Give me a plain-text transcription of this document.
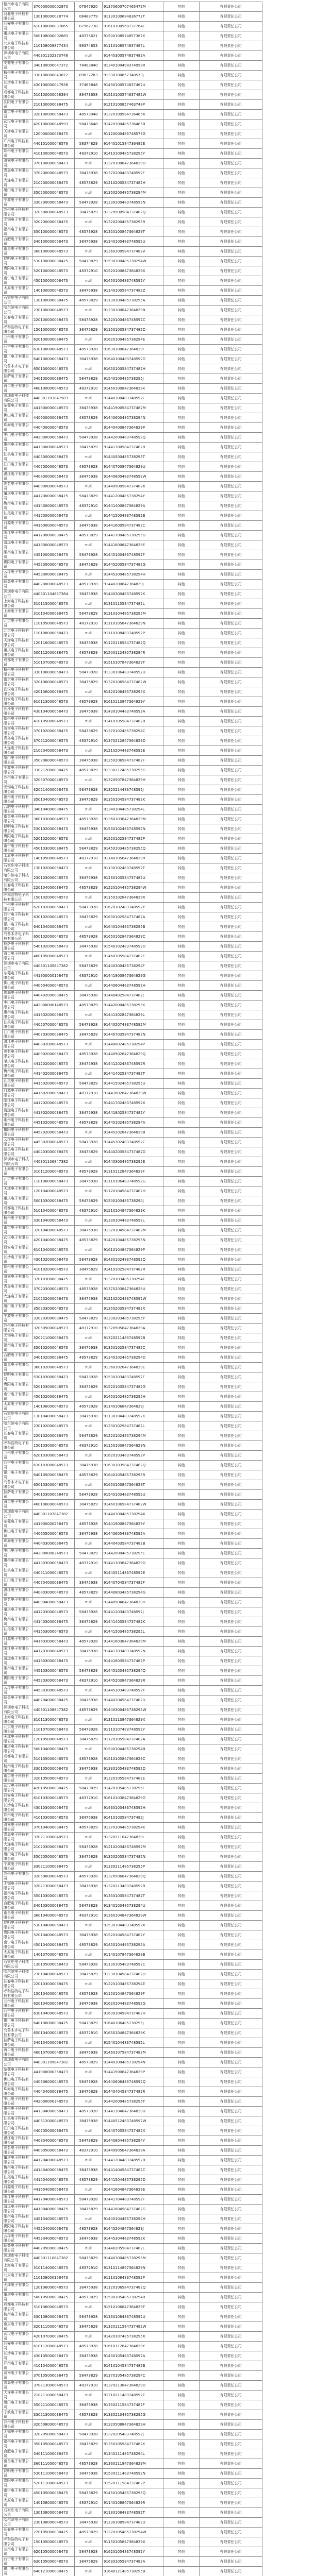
德州市电子有限公司	370600000002870	07847920	91370600707465472M	其他	有限责任公司
河北电子科技有限公司	130100000028774	08483779	91130100684836772T	其他	有限责任公司
西安电子有限公司	610100000037865	07962738	91610100568737764C	其他	有限责任公司
重庆电子有限公司	500108000002883	48375621	91500108574857387K	其他	有限责任公司
北京电子科技有限公司	110108009877434	98374853	91110108574837487L	其他	有限责任公司
深圳市电子有限公司	440301102373748	null	91440300574837482A	其他	有限责任公司
安徽电子有限公司	340100000047372	78493840	91340100498374958R	其他	有限责任公司
杭州电子有限公司	330100000043872	09837283	91330100857348573J	其他	有限责任公司
长沙电子有限公司	430100000047938	37463848	91430100574837462U	其他	有限责任公司
成都电子科技有限公司	510100000058394	89473658	91510100574637482W	其他	有限责任公司
沈阳电子有限公司	210100000038475	null	91210100857463748P	其他	有限责任公司
南京电子有限公司	320100000058473	48573948	91320100584736485X	其他	有限责任公司
武汉电子有限公司	420100000048593	58473648	91420100485736485B	其他	有限责任公司
天津电子有限公司	120000000038475	null	91120000483748573G	其他	有限责任公司
广州电子科技有限公司	440101000048576	58374829	91440101584736482E	其他	有限责任公司
郑州电子有限公司	410100000048573	48372910	91410100485738295Y	其他	有限责任公司
济南电子有限公司	370100000058473	null	91370100847364829D	其他	有限责任公司
青岛电子有限公司	370200000048573	38475938	91370200483748592F	其他	有限责任公司
大连电子有限公司	210200000038475	48573829	91210200584737482H	其他	有限责任公司
厦门电子有限公司	350200000048573	null	91350200485738294M	其他	有限责任公司
宁波电子有限公司	330200000058473	58473928	91330200483748592N	其他	有限责任公司
苏州电子科技有限公司	320500000048573	38475829	91320500584737482Q	其他	有限责任公司
无锡电子有限公司	320200000038475	null	91320200485738295R	其他	有限责任公司
福州电子有限公司	350100000048573	48573928	91350100847364829T	其他	有限责任公司
合肥电子有限公司	340100000058473	38475938	91340100483748592U	其他	有限责任公司
南昌电子有限公司	360100000048573	null	91360100584737482V	其他	有限责任公司
昆明电子有限公司	530100000038475	58473829	91530100485738294W	其他	有限责任公司
贵阳电子有限公司	520100000048573	48372910	91520100847364829X	其他	有限责任公司
南宁电子有限公司	450100000058473	null	91450100483748592Y	其他	有限责任公司
太原电子有限公司	140100000048573	38475938	91140100584737482Z	其他	有限责任公司
石家庄电子有限公司	130100000038475	48573829	91130100485738295A	其他	有限责任公司
哈尔滨电子有限公司	230100000048573	null	91230100847364829B	其他	有限责任公司
长春电子有限公司	220100000058473	58473928	91220100483748592C	其他	有限责任公司
呼和浩特电子有限公司	150100000048573	38475829	91150100584737482D	其他	有限责任公司
兰州电子有限公司	620100000038475	null	91620100485738294E	其他	有限责任公司
西宁电子有限公司	630100000048573	48573928	91630100847364829F	其他	有限责任公司
银川电子有限公司	640100000058473	38475938	91640100483748592G	其他	有限责任公司
乌鲁木齐电子有限公司	650100000048573	null	91650100584737482H	其他	有限责任公司
拉萨电子有限公司	540100000038475	58473829	91540100485738295J	其他	有限责任公司
海口电子有限公司	460100000048573	48372910	91460100847364829K	其他	有限责任公司
深圳市电子科技有限公司	440301103847583	null	91440300483748592L	其他	有限责任公司
东莞电子有限公司	441900000048573	38475938	91441900584737482M	其他	有限责任公司
佛山电子有限公司	440600000038475	48573829	91440600485738294N	其他	有限责任公司
珠海电子有限公司	440400000048573	null	91440400847364829P	其他	有限责任公司
中山电子有限公司	442000000058473	58473928	91442000483748592Q	其他	有限责任公司
惠州电子有限公司	441300000048573	38475829	91441300584737482R	其他	有限责任公司
汕头电子有限公司	440500000038475	null	91440500485738295T	其他	有限责任公司
江门电子有限公司	440700000048573	48573928	91440700847364829U	其他	有限责任公司
湛江电子有限公司	440800000058473	38475938	91440800483748592W	其他	有限责任公司
茂名电子有限公司	440900000048573	null	91440900584737482X	其他	有限责任公司
肇庆电子有限公司	441200000038475	58473829	91441200485738294Y	其他	有限责任公司
梅州电子有限公司	441400000048573	48372910	91441400847364829A	其他	有限责任公司
汕尾电子有限公司	441500000058473	null	91441500483748592B	其他	有限责任公司
河源电子有限公司	441600000048573	38475938	91441600584737482C	其他	有限责任公司
阳江电子有限公司	441700000038475	48573829	91441700485738295D	其他	有限责任公司
清远电子有限公司	441800000048573	null	91441800847364829E	其他	有限责任公司
潮州电子有限公司	445100000058473	58473928	91445100483748592F	其他	有限责任公司
揭阳电子有限公司	445200000048573	38475829	91445200584737482G	其他	有限责任公司
云浮电子有限公司	445300000038475	null	91445300485738294H	其他	有限责任公司
韶关电子有限公司	440200000048573	48573928	91440200847364829J	其他	有限责任公司
深圳市电子有限公司	440301104857384	38475938	91440300483748592K	其他	有限责任公司
上海电子科技有限公司	310115000048573	null	91310115584737482L	其他	有限责任公司
上海电子有限公司	310104000038475	58473829	91310104485738295M	其他	有限责任公司
北京电子有限公司	110105000048573	48372910	91110105847364829N	其他	有限责任公司
北京电子科技有限公司	110108000058473	null	91110108483748592P	其他	有限责任公司
天津电子科技有限公司	120116000048573	38475938	91120116584737482Q	其他	有限责任公司
重庆电子科技有限公司	500112000038475	48573829	91500112485738294R	其他	有限责任公司
成都电子有限公司	510107000048573	null	91510107847364829T	其他	有限责任公司
杭州电子科技有限公司	330106000058473	58473928	91330106483748592U	其他	有限责任公司
南京电子科技有限公司	320106000048573	38475829	91320106584737482W	其他	有限责任公司
武汉电子科技有限公司	420106000038475	null	91420106485738295X	其他	有限责任公司
西安电子科技有限公司	610113000048573	48573928	91610113847364829Y	其他	有限责任公司
长沙电子科技有限公司	430104000058473	38475938	91430104483748592A	其他	有限责任公司
郑州电子科技有限公司	410105000048573	null	91410105584737482B	其他	有限责任公司
济南电子科技有限公司	370102000038475	58473829	91370102485738294C	其他	有限责任公司
青岛电子科技有限公司	370212000048573	48372910	91370212847364829D	其他	有限责任公司
大连电子科技有限公司	210204000058473	null	91210204483748592E	其他	有限责任公司
厦门电子科技有限公司	350206000048573	38475938	91350206584737482F	其他	有限责任公司
宁波电子科技有限公司	330212000038475	48573829	91330212485738295G	其他	有限责任公司
苏州电子有限公司	320507000048573	null	91320507847364829H	其他	有限责任公司
无锡电子科技有限公司	320214000058473	58473928	91320214483748592J	其他	有限责任公司
福州电子科技有限公司	350104000048573	38475829	91350104584737482K	其他	有限责任公司
合肥电子科技有限公司	340104000038475	null	91340104485738294L	其他	有限责任公司
南昌电子科技有限公司	360103000048573	48573928	91360103847364829M	其他	有限责任公司
昆明电子科技有限公司	530102000058473	38475938	91530102483748592N	其他	有限责任公司
贵阳电子科技有限公司	520102000048573	null	91520102584737482P	其他	有限责任公司
南宁电子科技有限公司	450103000038475	58473829	91450103485738295Q	其他	有限责任公司
太原电子科技有限公司	140105000048573	48372910	91140105847364829R	其他	有限责任公司
石家庄电子科技有限公司	130102000058473	null	91130102483748592T	其他	有限责任公司
哈尔滨电子科技有限公司	230103000048573	38475938	91230103584737482U	其他	有限责任公司
长春电子科技有限公司	220104000038475	48573829	91220104485738294W	其他	有限责任公司
呼和浩特电子科技有限公司	150102000048573	null	91150102847364829X	其他	有限责任公司
兰州电子科技有限公司	620102000058473	58473928	91620102483748592Y	其他	有限责任公司
西宁电子科技有限公司	630102000048573	38475829	91630102584737482A	其他	有限责任公司
银川电子科技有限公司	640104000038475	null	91640104485738295B	其他	有限责任公司
乌鲁木齐电子科技有限公司	650102000048573	48573928	91650102847364829C	其他	有限责任公司
拉萨电子科技有限公司	540102000058473	38475938	91540102483748592D	其他	有限责任公司
海口电子科技有限公司	460105000048573	null	91460105584737482E	其他	有限责任公司
深圳市电子有限公司	440301105847382	58473829	91440300485738294F	其他	有限责任公司
东莞电子科技有限公司	441900000158473	48372910	91441900847364829G	其他	有限责任公司
佛山电子科技有限公司	440604000048573	null	91440604483748592H	其他	有限责任公司
珠海电子科技有限公司	440402000038475	38475938	91440402584737482J	其他	有限责任公司
中山电子科技有限公司	442000000148573	48573829	91442000485738295K	其他	有限责任公司
惠州电子科技有限公司	441302000058473	null	91441302847364829L	其他	有限责任公司
汕头电子科技有限公司	440507000048573	58473928	91440507483748592M	其他	有限责任公司
江门电子科技有限公司	440703000038475	38475829	91440703584737482N	其他	有限责任公司
湛江电子科技有限公司	440802000048573	null	91440802485738294P	其他	有限责任公司
茂名电子科技有限公司	440902000058473	48573928	91440902847364829Q	其他	有限责任公司
肇庆电子科技有限公司	441202000048573	38475938	91441202483748592R	其他	有限责任公司
梅州电子科技有限公司	441402000038475	null	91441402584737482T	其他	有限责任公司
汕尾电子科技有限公司	441502000048573	58473829	91441502485738295U	其他	有限责任公司
河源电子科技有限公司	441602000058473	48372910	91441602847364829W	其他	有限责任公司
阳江电子科技有限公司	441702000048573	null	91441702483748592X	其他	有限责任公司
清远电子科技有限公司	441802000038475	38475938	91441802584737482Y	其他	有限责任公司
潮州电子科技有限公司	445102000048573	48573829	91445102485738294A	其他	有限责任公司
揭阳电子科技有限公司	445202000058473	null	91445202847364829B	其他	有限责任公司
云浮电子科技有限公司	445302000048573	58473928	91445302483748592C	其他	有限责任公司
韶关电子科技有限公司	440203000038475	38475829	91440203584737482D	其他	有限责任公司
深圳市电子科技有限公司	440301106847382	null	91440300485738295E	其他	有限责任公司
上海电子有限公司	310112000048573	48573928	91310112847364829F	其他	有限责任公司
北京电子有限公司	110106000058473	38475938	91110106483748592G	其他	有限责任公司
天津电子有限公司	120104000048573	null	91120104584737482H	其他	有限责任公司
重庆电子有限公司	500103000038475	58473829	91500103485738294J	其他	有限责任公司
成都电子科技有限公司	510104000048573	48372910	91510104847364829K	其他	有限责任公司
杭州电子有限公司	330104000058473	null	91330104483748592L	其他	有限责任公司
南京电子有限公司	320104000048573	38475938	91320104584737482M	其他	有限责任公司
武汉电子有限公司	420104000038475	48573829	91420104485738295N	其他	有限责任公司
西安电子有限公司	610104000048573	null	91610104847364829P	其他	有限责任公司
长沙电子有限公司	430102000058473	58473928	91430102483748592Q	其他	有限责任公司
郑州电子有限公司	410102000048573	38475829	91410102584737482R	其他	有限责任公司
济南电子有限公司	370103000038475	null	91370103485738294T	其他	有限责任公司
青岛电子有限公司	370203000048573	48573928	91370203847364829U	其他	有限责任公司
大连电子有限公司	210202000058473	38475938	91210202483748592W	其他	有限责任公司
厦门电子有限公司	350203000048573	null	91350203584737482X	其他	有限责任公司
宁波电子有限公司	330203000038475	58473829	91330203485738295Y	其他	有限责任公司
苏州电子科技有限公司	320505000048573	48372910	91320505847364829A	其他	有限责任公司
无锡电子有限公司	320211000058473	null	91320211483748592B	其他	有限责任公司
福州电子有限公司	350102000048573	38475938	91350102584737482C	其他	有限责任公司
合肥电子有限公司	340102000038475	48573829	91340102485738294D	其他	有限责任公司
南昌电子有限公司	360102000048573	null	91360102847364829E	其他	有限责任公司
昆明电子有限公司	530103000058473	58473928	91530103483748592F	其他	有限责任公司
贵阳电子有限公司	520103000048573	38475829	91520103584737482G	其他	有限责任公司
南宁电子有限公司	450102000038475	null	91450102485738295H	其他	有限责任公司
太原电子有限公司	140106000048573	48573928	91140106847364829J	其他	有限责任公司
石家庄电子有限公司	130104000058473	38475938	91130104483748592K	其他	有限责任公司
哈尔滨电子有限公司	230102000048573	null	91230102584737482L	其他	有限责任公司
长春电子有限公司	220102000038475	58473829	91220102485738294M	其他	有限责任公司
呼和浩特电子有限公司	150103000048573	48372910	91150103847364829N	其他	有限责任公司
兰州电子有限公司	620103000058473	null	91620103483748592P	其他	有限责任公司
西宁电子有限公司	630103000048573	38475938	91630103584737482Q	其他	有限责任公司
银川电子有限公司	640105000038475	48573829	91640105485738295R	其他	有限责任公司
乌鲁木齐电子有限公司	650103000048573	null	91650103847364829T	其他	有限责任公司
拉萨电子有限公司	540103000058473	58473928	91540103483748592U	其他	有限责任公司
海口电子有限公司	460106000048573	38475829	91460106584737482W	其他	有限责任公司
深圳市电子有限公司	440301107847382	null	91440300485738294X	其他	有限责任公司
东莞电子有限公司	441900000258473	48573928	91441900847364829Y	其他	有限责任公司
佛山电子有限公司	440605000048573	38475938	91440605483748592A	其他	有限责任公司
珠海电子有限公司	440403000038475	null	91440403584737482B	其他	有限责任公司
中山电子有限公司	442000000248573	58473829	91442000485738295C	其他	有限责任公司
惠州电子有限公司	441303000058473	48372910	91441303847364829D	其他	有限责任公司
汕头电子有限公司	440511000048573	null	91440511483748592E	其他	有限责任公司
江门电子有限公司	440704000038475	38475938	91440704584737482F	其他	有限责任公司
湛江电子有限公司	440803000048573	48573829	91440803485738294G	其他	有限责任公司
茂名电子有限公司	440904000058473	null	91440904847364829H	其他	有限责任公司
肇庆电子有限公司	441203000048573	58473928	91441203483748592J	其他	有限责任公司
梅州电子有限公司	441403000038475	38475829	91441403584737482K	其他	有限责任公司
汕尾电子有限公司	441503000048573	null	91441503485738295L	其他	有限责任公司
河源电子有限公司	441603000058473	48573928	91441603847364829M	其他	有限责任公司
阳江电子有限公司	441703000048573	38475938	91441703483748592N	其他	有限责任公司
清远电子有限公司	441803000038475	null	91441803584737482P	其他	有限责任公司
潮州电子有限公司	445103000048573	58473829	91445103485738294Q	其他	有限责任公司
揭阳电子有限公司	445203000058473	48372910	91445203847364829R	其他	有限责任公司
云浮电子有限公司	445303000048573	null	91445303483748592T	其他	有限责任公司
韶关电子有限公司	440204000038475	38475938	91440204584737482U	其他	有限责任公司
深圳市电子科技有限公司	440301108847382	48573829	91440300485738295W	其他	有限责任公司
上海电子科技有限公司	310113000048573	null	91310113847364829X	其他	有限责任公司
北京电子科技有限公司	110107000058473	58473928	91110107483748592Y	其他	有限责任公司
天津电子科技有限公司	120105000048573	38475829	91120105584737482A	其他	有限责任公司
重庆电子科技有限公司	500104000038475	null	91500104485738294B	其他	有限责任公司
成都电子有限公司	510105000048573	48573928	91510105847364829C	其他	有限责任公司
杭州电子科技有限公司	330105000058473	38475938	91330105483748592D	其他	有限责任公司
南京电子科技有限公司	320105000048573	null	91320105584737482E	其他	有限责任公司
武汉电子科技有限公司	420105000038475	58473829	91420105485738295F	其他	有限责任公司
西安电子科技有限公司	610103000048573	48372910	91610103847364829G	其他	有限责任公司
长沙电子科技有限公司	430103000058473	null	91430103483748592H	其他	有限责任公司
郑州电子科技有限公司	410103000048573	38475938	91410103584737482J	其他	有限责任公司
济南电子科技有限公司	370104000038475	48573829	91370104485738294K	其他	有限责任公司
青岛电子科技有限公司	370211000048573	null	91370211847364829L	其他	有限责任公司
大连电子科技有限公司	210203000058473	58473928	91210203483748592M	其他	有限责任公司
厦门电子科技有限公司	350205000048573	38475829	91350205584737482N	其他	有限责任公司
宁波电子科技有限公司	330211000038475	null	91330211485738295P	其他	有限责任公司
苏州电子有限公司	320506000048573	48573928	91320506847364829Q	其他	有限责任公司
无锡电子科技有限公司	320213000058473	38475938	91320213483748592R	其他	有限责任公司
福州电子科技有限公司	350103000048573	null	91350103584737482T	其他	有限责任公司
合肥电子科技有限公司	340103000038475	58473829	91340103485738294U	其他	有限责任公司
南昌电子科技有限公司	360104000048573	48372910	91360104847364829W	其他	有限责任公司
昆明电子科技有限公司	530104000058473	null	91530104483748592X	其他	有限责任公司
贵阳电子科技有限公司	520104000048573	38475938	91520104584737482Y	其他	有限责任公司
南宁电子科技有限公司	450104000038475	48573829	91450104485738295A	其他	有限责任公司
太原电子科技有限公司	140107000048573	null	91140107847364829B	其他	有限责任公司
石家庄电子科技有限公司	130105000058473	58473928	91130105483748592C	其他	有限责任公司
哈尔滨电子科技有限公司	230104000048573	38475829	91230104584737482D	其他	有限责任公司
长春电子科技有限公司	220103000038475	null	91220103485738294E	其他	有限责任公司
呼和浩特电子科技有限公司	150104000048573	48573928	91150104847364829F	其他	有限责任公司
兰州电子科技有限公司	620104000058473	38475938	91620104483748592G	其他	有限责任公司
西宁电子科技有限公司	630104000048573	null	91630104584737482H	其他	有限责任公司
银川电子科技有限公司	640106000038475	58473829	91640106485738295J	其他	有限责任公司
乌鲁木齐电子科技有限公司	650104000048573	48372910	91650104847364829K	其他	有限责任公司
拉萨电子科技有限公司	540104000058473	null	91540104483748592L	其他	有限责任公司
海口电子科技有限公司	460107000048573	38475938	91460107584737482M	其他	有限责任公司
深圳市电子有限公司	440301109847382	48573829	91440300485738294N	其他	有限责任公司
东莞电子科技有限公司	441900000358473	null	91441900847364829P	其他	有限责任公司
佛山电子科技有限公司	440606000048573	58473928	91440606483748592Q	其他	有限责任公司
珠海电子科技有限公司	440404000038475	38475829	91440404584737482R	其他	有限责任公司
中山电子科技有限公司	442000000348573	null	91442000485738295T	其他	有限责任公司
惠州电子科技有限公司	441304000058473	48573928	91441304847364829U	其他	有限责任公司
汕头电子科技有限公司	440512000048573	38475938	91440512483748592W	其他	有限责任公司
江门电子科技有限公司	440705000038475	null	91440705584737482X	其他	有限责任公司
湛江电子科技有限公司	440804000048573	58473829	91440804485738294Y	其他	有限责任公司
茂名电子科技有限公司	440905000058473	48372910	91440905847364829A	其他	有限责任公司
肇庆电子科技有限公司	441204000048573	null	91441204483748592B	其他	有限责任公司
梅州电子科技有限公司	441404000038475	38475938	91441404584737482C	其他	有限责任公司
汕尾电子科技有限公司	441504000048573	48573829	91441504485738295D	其他	有限责任公司
河源电子科技有限公司	441604000058473	null	91441604847364829E	其他	有限责任公司
阳江电子科技有限公司	441704000048573	58473928	91441704483748592F	其他	有限责任公司
清远电子科技有限公司	441804000038475	38475829	91441804584737482G	其他	有限责任公司
潮州电子科技有限公司	445104000048573	null	91445104485738294H	其他	有限责任公司
揭阳电子科技有限公司	445204000058473	48573928	91445204847364829J	其他	有限责任公司
云浮电子科技有限公司	445304000048573	38475938	91445304483748592K	其他	有限责任公司
韶关电子科技有限公司	440205000038475	null	91440205584737482L	其他	有限责任公司
深圳市电子科技有限公司	440301110847382	58473829	91440300485738295M	其他	有限责任公司
上海电子有限公司	310114000048573	48372910	91310114847364829N	其他	有限责任公司
北京电子有限公司	110108000158473	null	91110108483748592P	其他	有限责任公司
天津电子有限公司	120106000048573	38475938	91120106584737482Q	其他	有限责任公司
重庆电子有限公司	500105000038475	48573829	91500105485738294R	其他	有限责任公司
成都电子科技有限公司	510106000048573	null	91510106847364829T	其他	有限责任公司
杭州电子有限公司	330108000058473	58473928	91330108483748592U	其他	有限责任公司
南京电子有限公司	320111000048573	38475829	91320111584737482W	其他	有限责任公司
武汉电子有限公司	420107000038475	null	91420107485738295X	其他	有限责任公司
西安电子有限公司	610112000048573	48573928	91610112847364829Y	其他	有限责任公司
长沙电子有限公司	430105000058473	38475938	91430105483748592A	其他	有限责任公司
郑州电子有限公司	410104000048573	null	91410104584737482B	其他	有限责任公司
济南电子有限公司	370105000038475	58473829	91370105485738294C	其他	有限责任公司
青岛电子有限公司	370213000048573	48372910	91370213847364829D	其他	有限责任公司
大连电子有限公司	210211000058473	null	91210211483748592E	其他	有限责任公司
厦门电子有限公司	350211000048573	38475938	91350211584737482F	其他	有限责任公司
宁波电子有限公司	330213000038475	48573829	91330213485738295G	其他	有限责任公司
苏州电子科技有限公司	320508000048573	null	91320508847364829H	其他	有限责任公司
无锡电子有限公司	320205000058473	58473928	91320205483748592J	其他	有限责任公司
福州电子有限公司	350105000048573	38475829	91350105584737482K	其他	有限责任公司
合肥电子有限公司	340111000038475	null	91340111485738294L	其他	有限责任公司
南昌电子有限公司	360111000048573	48573928	91360111847364829M	其他	有限责任公司
昆明电子有限公司	530111000058473	38475938	91530111483748592N	其他	有限责任公司
贵阳电子有限公司	520111000048573	null	91520111584737482P	其他	有限责任公司
南宁电子有限公司	450105000038475	58473829	91450105485738295Q	其他	有限责任公司
太原电子有限公司	140108000048573	48372910	91140108847364829R	其他	有限责任公司
石家庄电子有限公司	130108000058473	null	91130108483748592T	其他	有限责任公司
哈尔滨电子有限公司	230108000048573	38475938	91230108584737482U	其他	有限责任公司
长春电子有限公司	220105000038475	48573829	91220105485738294W	其他	有限责任公司
呼和浩特电子有限公司	150105000048573	null	91150105847364829X	其他	有限责任公司
兰州电子有限公司	620105000058473	58473928	91620105483748592Y	其他	有限责任公司
西宁电子有限公司	630105000048573	38475829	91630105584737482A	其他	有限责任公司
银川电子有限公司	640121000038475	null	91640121485738295B	其他	有限责任公司
